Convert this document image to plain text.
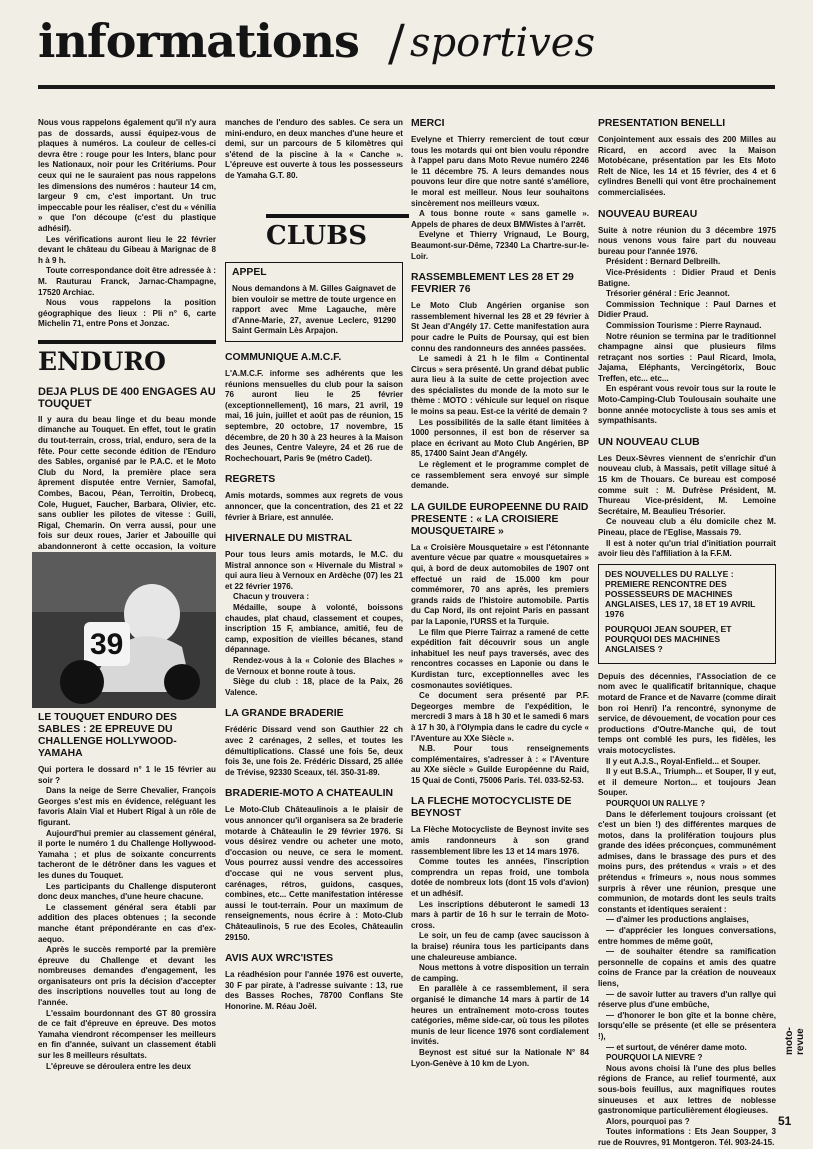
informations / sportives

Nous vous rappelons également qu'il n'y aura pas de dossards, aussi équipez-vous de plaques à numéros. La couleur de celles-ci devra être : rouge pour les Inters, blanc pour les Nationaux, noir pour les Critériums. Pour ceux qui ne le sauraient pas nous rappelons les dimensions des numéros : hauteur 14 cm, largeur 9 cm, c'est important. Un truc impeccable pour les réaliser, c'est du « vénilia » que l'on découpe (c'est du plastique adhésif).

Les vérifications auront lieu le 22 février devant le château du Gibeau à Marignac de 8 h à 9 h.

Toute correspondance doit être adressée à : M. Rauturau Franck, Jarnac-Champagne, 17520 Archiac.

Nous vous rappelons la position géographique des lieux : Pli n° 6, carte Michelin 71, entre Pons et Jonzac.

ENDURO
DEJA PLUS DE 400 ENGAGES AU TOUQUET

Il y aura du beau linge et du beau monde dimanche au Touquet. En effet, tout le gratin du tout-terrain, cross, trial, enduro, sera de la fête. Pour cette seconde édition de l'Enduro des Sables, organisé par le P.A.C. et le Moto Club du Nord, la première place sera âprement disputée entre Vernier, Samofal, Combes, Bacou, Péan, Terroitin, Drobecq, Cole, Huguet, Faucher, Barbara, Olivier, etc. sans oublier les pilotes de vitesse : Guili, Rigal, Chemarin. On verra aussi, pour une fois sur deux roues, Jarier et Jabouille qui abandonneront à cette occasion, la voiture

39
LE TOUQUET ENDURO DES SABLES : 2E EPREUVE DU CHALLENGE HOLLYWOOD-YAMAHA

Qui portera le dossard n° 1 le 15 février au soir ?

Dans la neige de Serre Chevalier, François Georges s'est mis en évidence, reléguant les favoris Alain Vial et Hubert Rigal à un rôle de figurant.

Aujourd'hui premier au classement général, il porte le numéro 1 du Challenge Hollywood-Yamaha ; et plus de soixante concurrents tacheront de le détrôner dans les vagues et les dunes du Touquet.

Les participants du Challenge disputeront donc deux manches, d'une heure chacune.

Le classement général sera établi par addition des places obtenues ; la seconde manche étant prépondérante en cas d'ex-aequo.

Après le succès remporté par la première épreuve du Challenge et devant les nombreuses demandes d'engagement, les organisateurs ont pris la décision d'accepter des inscriptions nouvelles tout au long de l'année.

L'essaim bourdonnant des GT 80 grossira de ce fait d'épreuve en épreuve. Des motos Yamaha viendront récompenser les meilleurs en fin d'année, suivant un classement établi sur les 8 meilleurs résultats.

L'épreuve se déroulera entre les deux

manches de l'enduro des sables. Ce sera un mini-enduro, en deux manches d'une heure et demi, sur un parcours de 5 kilomètres qui s'étend de la piscine à la « Canche ». L'épreuve est ouverte à tous les possesseurs de Yamaha G.T. 80.

CLUBS
APPEL

Nous demandons à M. Gilles Gaignavet de bien vouloir se mettre de toute urgence en rapport avec Mme Lagauche, mère d'Anne-Marie, 27, avenue Leclerc, 91290 Saint Germain Lès Arpajon.

COMMUNIQUE A.M.C.F.

L'A.M.C.F. informe ses adhérents que les réunions mensuelles du club pour la saison 76 auront lieu le 25 février (exceptionnellement), 16 mars, 21 avril, 19 mai, 16 juin, juillet et août pas de réunion, 15 septembre, 20 octobre, 17 novembre, 15 décembre, de 20 h 30 à 23 heures à la Maison des Jeunes, Centre Valeyre, 24 et 26 rue de Rochechouart, Paris 9e (métro Cadet).

REGRETS

Amis motards, sommes aux regrets de vous annoncer, que la concentration, des 21 et 22 février à Briare, est annulée.

HIVERNALE DU MISTRAL

Pour tous leurs amis motards, le M.C. du Mistral annonce son « Hivernale du Mistral » qui aura lieu à Vernoux en Ardèche (07) les 21 et 22 février 1976.

Chacun y trouvera :

Médaille, soupe à volonté, boissons chaudes, plat chaud, classement et coupes, inscription 15 F, ambiance, amitié, feu de camp, exposition de vieilles bécanes, stand dépannage.

Rendez-vous à la « Colonie des Blaches » de Vernoux et bonne route à tous.

Siège du club : 18, place de la Paix, 26 Valence.

LA GRANDE BRADERIE

Frédéric Dissard vend son Gauthier 22 ch avec 2 carénages, 2 selles, et toutes les démultiplications. Classé une fois 5e, deux fois 3e, une fois 2e. Frédéric Dissard, 25 allée de Trévise, 92330 Sceaux, tél. 350-31-89.

BRADERIE-MOTO A CHATEAULIN

Le Moto-Club Châteaulinois a le plaisir de vous annoncer qu'il organisera sa 2e braderie motarde à Châteaulin le 29 février 1976. Si vous désirez vendre ou acheter une moto, d'occasion ou neuve, ce sera le moment. Vous pourrez aussi vendre des accessoires d'occase qui ne vous servent plus, carénages, rétros, guidons, casques, combines, etc... Cette manifestation intéresse aussi le tout-terrain. Pour un maximum de renseignements, nous écrire à : Moto-Club Châteaulinois, 5 rue des Ecoles, Châteaulin 29150.

AVIS AUX WRC'ISTES

La réadhésion pour l'année 1976 est ouverte, 30 F par pirate, à l'adresse suivante : 13, rue des Basses Roches, 78700 Conflans Ste Honorine. M. Réau Joël.

MERCI

Evelyne et Thierry remercient de tout cœur tous les motards qui ont bien voulu répondre à l'appel paru dans Moto Revue numéro 2246 le 11 décembre 75. A leurs demandes nous pouvons leur dire que notre santé s'améliore, le moral est meilleur. Nous leur souhaitons sincèrement nos meilleurs vœux.

A tous bonne route « sans gamelle ». Appels de phares de deux BMWistes à l'arrêt.

Evelyne et Thierry Vrignaud, Le Bourg, Beaumont-sur-Dême, 72340 La Chartre-sur-le-Loir.

RASSEMBLEMENT LES 28 ET 29 FEVRIER 76

Le Moto Club Angérien organise son rassemblement hivernal les 28 et 29 février à St Jean d'Angély 17. Cette manifestation aura pour cadre le Puits de Poursay, qui est bien connu des randonneurs des années passées.

Le samedi à 21 h le film « Continental Circus » sera présenté. Un grand débat public aura lieu à la suite de cette projection avec des spécialistes du monde de la moto sur le thème : MOTO : véhicule sur lequel on risque le moins sa peau. Est-ce la vérité de demain ?

Les possibilités de la salle étant limitées à 1000 personnes, il est bon de réserver sa place en écrivant au Moto Club Angérien, BP 85, 17400 Saint Jean d'Angély.

Le règlement et le programme complet de ce rassemblement sera envoyé sur simple demande.

LA GUILDE EUROPEENNE DU RAID PRESENTE : « LA CROISIERE MOUSQUETAIRE »

La « Croisière Mousquetaire » est l'étonnante aventure vécue par quatre « mousquetaires » qui, à bord de deux automobiles de 1907 ont effectué un raid de 15.000 km pour commémorer, 70 ans après, les premiers grands raids de l'histoire automobile. Partis du Cap Nord, ils ont rejoint Paris en passant par la Laponie, l'URSS et la Turquie.

Le film que Pierre Tairraz a ramené de cette expédition fait découvrir sous un angle inhabituel les neuf pays traversés, avec des rencontres cocasses en Laponie ou dans le Kurdistan turc, exceptionnelles avec les cosmonautes soviétiques.

Ce document sera présenté par P.F. Degeorges membre de l'expédition, le mercredi 3 mars à 18 h 30 et le samedi 6 mars à 17 h 30, à l'Olympia dans le cadre du cycle « l'Aventure au XXe Siècle ».

N.B. Pour tous renseignements complémentaires, s'adresser à : « l'Aventure au XXe siècle » Guilde Européenne du Raid, 15 Quai de Conti, 75006 Paris. Tél. 033-52-53.

LA FLECHE MOTOCYCLISTE DE BEYNOST

La Flèche Motocycliste de Beynost invite ses amis randonneurs à son grand rassemblement libre les 13 et 14 mars 1976.

Comme toutes les années, l'inscription comprendra un repas froid, une tombola dotée de nombreux lots (dont 15 vols d'avion) et un adhésif.

Les inscriptions débuteront le samedi 13 mars à partir de 16 h sur le terrain de Moto-cross.

Le soir, un feu de camp (avec saucisson à la braise) réunira tous les participants dans une chaleureuse ambiance.

Nous mettons à votre disposition un terrain de camping.

En parallèle à ce rassemblement, il sera organisé le dimanche 14 mars à partir de 14 heures un entraînement moto-cross toutes catégories, même side-car, où tous les pilotes munis de leur licence 1976 sont cordialement invités.

Beynost est situé sur la Nationale N° 84 Lyon-Genève à 10 km de Lyon.

PRESENTATION BENELLI

Conjointement aux essais des 200 Milles au Ricard, en accord avec la Maison Motobécane, présentation par les Ets Moto Relt de Nice, les 14 et 15 février, des 4 et 6 cylindres Benelli qui vont être prochainement commercialisées.

NOUVEAU BUREAU

Suite à notre réunion du 3 décembre 1975 nous venons vous faire part du nouveau bureau pour l'année 1976.

Président : Bernard Delbreilh.

Vice-Présidents : Didier Praud et Denis Batigne.

Trésorier général : Eric Jeannot.

Commission Technique : Paul Darnes et Didier Praud.

Commission Tourisme : Pierre Raynaud.

Notre réunion se termina par le traditionnel champagne ainsi que plusieurs films retraçant nos sorties : Paul Ricard, Imola, Jajama, Eléphants, Vercingétorix, Bouc Treffen, etc... etc...

En espérant vous revoir tous sur la route le Moto-Camping-Club Toulousain souhaite une bonne année motocycliste à tous ses amis et sympathisants.

UN NOUVEAU CLUB

Les Deux-Sèvres viennent de s'enrichir d'un nouveau club, à Massais, petit village situé à 15 km de Thouars. Ce bureau est composé comme suit : M. Dufrèse Président, M. Thureau Vice-président, M. Lemoine Secrétaire, M. Beaulieu Trésorier.

Ce nouveau club a élu domicile chez M. Pineau, place de l'Eglise, Massais 79.

Il est à noter qu'un trial d'initiation pourrait avoir lieu dès l'affiliation à la F.F.M.

DES NOUVELLES DU RALLYE : PREMIERE RENCONTRE DES POSSESSEURS DE MACHINES ANGLAISES, LES 17, 18 ET 19 AVRIL 1976
POURQUOI JEAN SOUPER, ET POURQUOI DES MACHINES ANGLAISES ?

Depuis des décennies, l'Association de ce nom avec le qualificatif britannique, chaque motard de France et de Navarre (comme dirait bon roi Henri) l'a rencontré, synonyme de service, de dévouement, de vocation pour ces productions d'Outre-Manche qui, de tout temps ont comblé les purs, les fidèles, les vrais motocyclistes.

Il y eut A.J.S., Royal-Enfield... et Souper.

Il y eut B.S.A., Triumph... et Souper, Il y eut, et il demeure Norton... et toujours Jean Souper.

POURQUOI UN RALLYE ?

Dans le déferlement toujours croissant (et c'est un bien !) des différentes marques de motos, dans la prolifération toujours plus grande des idées préconçues, communément admises, dans le brassage des purs et des moins purs, des prétendus « vrais » et des prétendus « frimeurs », nous nous sommes surpris à rêver une réunion, presque une communion, de motards dont les seuls traits constants et identiques seraient :

— d'aimer les productions anglaises,

— d'apprécier les longues conversations, entre hommes de même goût,

— de souhaiter étendre sa ramification personnelle de copains et amis des quatre coins de France par la création de nouveaux liens,

— de savoir lutter au travers d'un rallye qui réserve plus d'une embûche,

— d'honorer le bon gîte et la bonne chère, lorsqu'elle se présente (et elle se présentera !),

— et surtout, de vénérer dame moto.

POURQUOI LA NIEVRE ?

Nous avons choisi là l'une des plus belles régions de France, au relief tourmenté, aux sous-bois feuillus, aux magnifiques routes sinueuses et aux lettres de noblesse gastronomique particulièrement élogieuses.

Alors, pourquoi pas ?

Toutes informations : Ets Jean Soupper, 3 rue de Rouvres, 91 Montgeron. Tél. 903-24-15.

moto-revue
51
